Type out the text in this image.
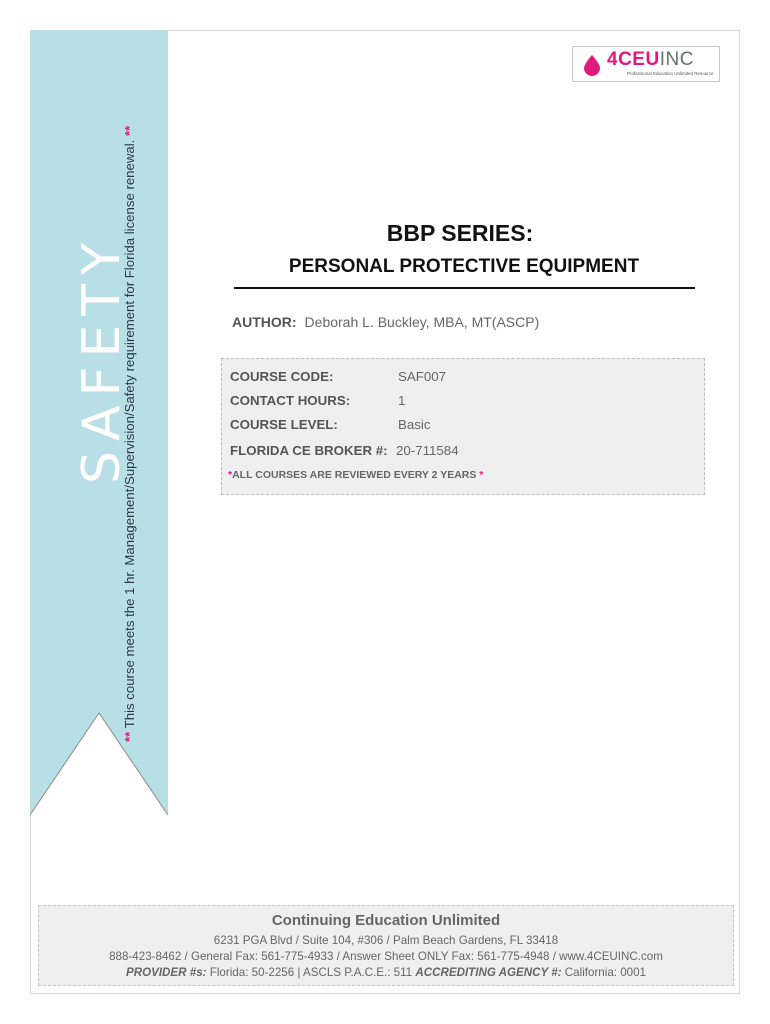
SAFETY
** This course meets the 1 hr. Management/Supervision/Safety requirement for Florida license renewal. **
4CEUINC
Professional Education Unlimited Resource
BBP SERIES:
PERSONAL PROTECTIVE EQUIPMENT
AUTHOR: Deborah L. Buckley, MBA, MT(ASCP)
COURSE CODE:	SAF007
CONTACT HOURS:	1
COURSE LEVEL:	Basic
FLORIDA CE BROKER #: 20-711584
*ALL COURSES ARE REVIEWED EVERY 2 YEARS *
Continuing Education Unlimited
6231 PGA Blvd / Suite 104, #306 / Palm Beach Gardens, FL 33418
888-423-8462 / General Fax: 561-775-4933 / Answer Sheet ONLY Fax: 561-775-4948 / www.4CEUINC.com
PROVIDER #s: Florida: 50-2256 | ASCLS P.A.C.E.: 511 ACCREDITING AGENCY #: California: 0001
